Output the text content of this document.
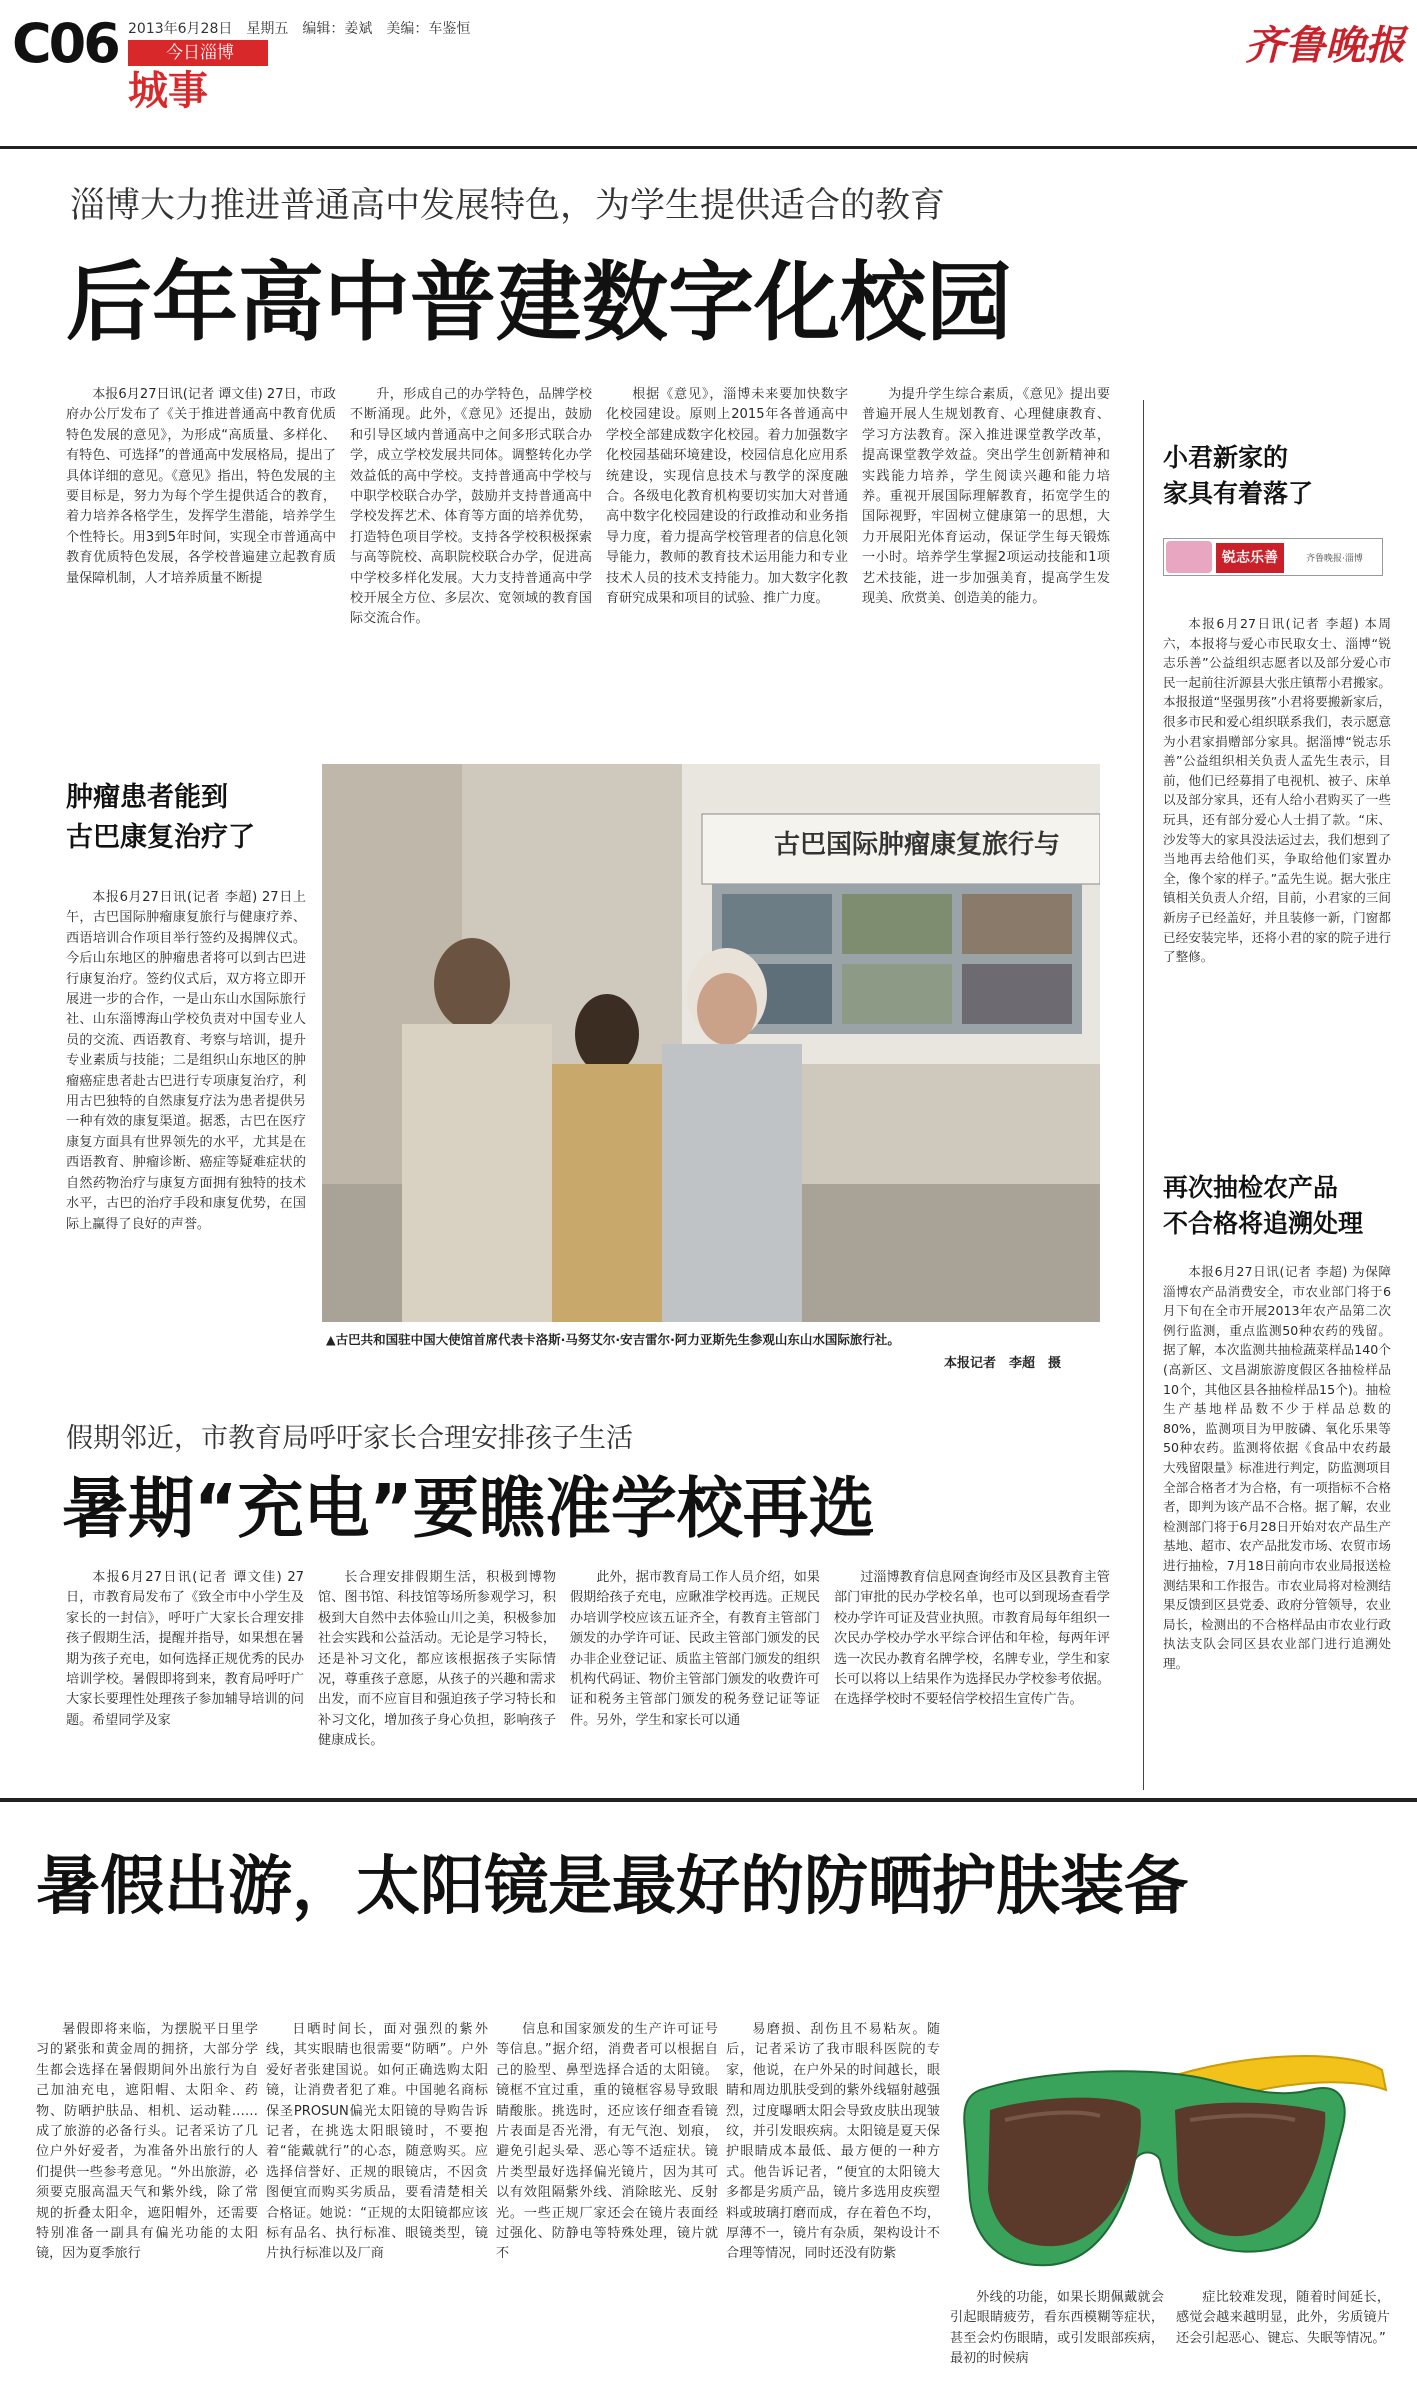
C06 2013年6月28日　星期五　编辑：姜斌　美编：车鉴恒
今日淄博
城事
齐鲁晚报
淄博大力推进普通高中发展特色，为学生提供适合的教育
后年高中普建数字化校园

本报6月27日讯(记者 谭文佳) 27日，市政府办公厅发布了《关于推进普通高中教育优质特色发展的意见》，为形成“高质量、多样化、有特色、可选择”的普通高中发展格局，提出了具体详细的意见。《意见》指出，特色发展的主要目标是，努力为每个学生提供适合的教育，着力培养各格学生，发挥学生潜能，培养学生个性特长。用3到5年时间，实现全市普通高中教育优质特色发展，各学校普遍建立起教育质量保障机制，人才培养质量不断提

升，形成自己的办学特色，品牌学校不断涌现。此外，《意见》还提出，鼓励和引导区域内普通高中之间多形式联合办学，成立学校发展共同体。调整转化办学效益低的高中学校。支持普通高中学校与中职学校联合办学，鼓励并支持普通高中学校发挥艺术、体育等方面的培养优势，打造特色项目学校。支持各学校积极探索与高等院校、高职院校联合办学，促进高中学校多样化发展。大力支持普通高中学校开展全方位、多层次、宽领域的教育国际交流合作。

根据《意见》，淄博未来要加快数字化校园建设。原则上2015年各普通高中学校全部建成数字化校园。着力加强数字化校园基础环境建设，校园信息化应用系统建设，实现信息技术与教学的深度融合。各级电化教育机构要切实加大对普通高中数字化校园建设的行政推动和业务指导力度，着力提高学校管理者的信息化领导能力，教师的教育技术运用能力和专业技术人员的技术支持能力。加大数字化教育研究成果和项目的试验、推广力度。

为提升学生综合素质，《意见》提出要普遍开展人生规划教育、心理健康教育、学习方法教育。深入推进课堂教学改革，提高课堂教学效益。突出学生创新精神和实践能力培养，学生阅读兴趣和能力培养。重视开展国际理解教育，拓宽学生的国际视野，牢固树立健康第一的思想，大力开展阳光体育运动，保证学生每天锻炼一小时。培养学生掌握2项运动技能和1项艺术技能，进一步加强美育，提高学生发现美、欣赏美、创造美的能力。

小君新家的
家具有着落了
锐志乐善	齐鲁晚报·淄博

本报6月27日讯(记者 李超) 本周六，本报将与爱心市民取女士、淄博“锐志乐善”公益组织志愿者以及部分爱心市民一起前往沂源县大张庄镇帮小君搬家。本报报道“坚强男孩”小君将要搬新家后，很多市民和爱心组织联系我们，表示愿意为小君家捐赠部分家具。据淄博“锐志乐善”公益组织相关负责人孟先生表示，目前，他们已经募捐了电视机、被子、床单以及部分家具，还有人给小君购买了一些玩具，还有部分爱心人士捐了款。“床、沙发等大的家具没法运过去，我们想到了当地再去给他们买，争取给他们家置办全，像个家的样子。”孟先生说。据大张庄镇相关负责人介绍，目前，小君家的三间新房子已经盖好，并且装修一新，门窗都已经安装完毕，还将小君的家的院子进行了整修。

再次抽检农产品
不合格将追溯处理

本报6月27日讯(记者 李超) 为保障淄博农产品消费安全，市农业部门将于6月下旬在全市开展2013年农产品第二次例行监测，重点监测50种农药的残留。据了解，本次监测共抽检蔬菜样品140个(高新区、文昌湖旅游度假区各抽检样品10个，其他区县各抽检样品15个)。抽检生产基地样品数不少于样品总数的80%，监测项目为甲胺磷、氧化乐果等50种农药。监测将依据《食品中农药最大残留限量》标准进行判定，防监测项目全部合格者才为合格，有一项指标不合格者，即判为该产品不合格。据了解，农业检测部门将于6月28日开始对农产品生产基地、超市、农产品批发市场、农贸市场进行抽检，7月18日前向市农业局报送检测结果和工作报告。市农业局将对检测结果反馈到区县党委、政府分管领导，农业局长，检测出的不合格样品由市农业行政执法支队会同区县农业部门进行追溯处理。

肿瘤患者能到
古巴康复治疗了

本报6月27日讯(记者 李超) 27日上午，古巴国际肿瘤康复旅行与健康疗养、西语培训合作项目举行签约及揭牌仪式。今后山东地区的肿瘤患者将可以到古巴进行康复治疗。签约仪式后，双方将立即开展进一步的合作，一是山东山水国际旅行社、山东淄博海山学校负责对中国专业人员的交流、西语教育、考察与培训，提升专业素质与技能；二是组织山东地区的肿瘤癌症患者赴古巴进行专项康复治疗，利用古巴独特的自然康复疗法为患者提供另一种有效的康复渠道。据悉，古巴在医疗康复方面具有世界领先的水平，尤其是在西语教育、肿瘤诊断、癌症等疑难症状的自然药物治疗与康复方面拥有独特的技术水平，古巴的治疗手段和康复优势，在国际上赢得了良好的声誉。

古巴国际肿瘤康复旅行与
▲古巴共和国驻中国大使馆首席代表卡洛斯·马努艾尔·安吉雷尔·阿力亚斯先生参观山东山水国际旅行社。
本报记者　李超　摄
假期邻近，市教育局呼吁家长合理安排孩子生活
暑期“充电”要瞧准学校再选

本报6月27日讯(记者 谭文佳) 27日，市教育局发布了《致全市中小学生及家长的一封信》，呼吁广大家长合理安排孩子假期生活，提醒并指导，如果想在暑期为孩子充电，如何选择正规优秀的民办培训学校。暑假即将到来，教育局呼吁广大家长要理性处理孩子参加辅导培训的问题。希望同学及家

长合理安排假期生活，积极到博物馆、图书馆、科技馆等场所参观学习，积极到大自然中去体验山川之美，积极参加社会实践和公益活动。无论是学习特长，还是补习文化，都应该根据孩子实际情况，尊重孩子意愿，从孩子的兴趣和需求出发，而不应盲目和强迫孩子学习特长和补习文化，增加孩子身心负担，影响孩子健康成长。

此外，据市教育局工作人员介绍，如果假期给孩子充电，应瞅准学校再选。正规民办培训学校应该五证齐全，有教育主管部门颁发的办学许可证、民政主管部门颁发的民办非企业登记证、质监主管部门颁发的组织机构代码证、物价主管部门颁发的收费许可证和税务主管部门颁发的税务登记证等证件。另外，学生和家长可以通

过淄博教育信息网查询经市及区县教育主管部门审批的民办学校名单，也可以到现场查看学校办学许可证及营业执照。市教育局每年组织一次民办学校办学水平综合评估和年检，每两年评选一次民办教育名牌学校，名牌专业，学生和家长可以将以上结果作为选择民办学校参考依据。在选择学校时不要轻信学校招生宣传广告。

暑假出游，太阳镜是最好的防晒护肤装备

暑假即将来临，为摆脱平日里学习的紧张和黄金周的拥挤，大部分学生都会选择在暑假期间外出旅行为自己加油充电，遮阳帽、太阳伞、药物、防晒护肤品、相机、运动鞋……成了旅游的必备行头。记者采访了几位户外好爱者，为准备外出旅行的人们提供一些参考意见。“外出旅游，必须要克服高温天气和紫外线，除了常规的折叠太阳伞，遮阳帽外，还需要特别准备一副具有偏光功能的太阳镜，因为夏季旅行

日晒时间长，面对强烈的紫外线，其实眼睛也很需要“防晒”。户外爱好者张建国说。如何正确选购太阳镜，让消费者犯了难。中国驰名商标保圣PROSUN偏光太阳镜的导购告诉记者，在挑选太阳眼镜时，不要抱着“能戴就行”的心态，随意购买。应选择信誉好、正规的眼镜店，不因贪图便宜而购买劣质品，要看清楚相关合格证。她说：“正规的太阳镜都应该标有品名、执行标准、眼镜类型，镜片执行标准以及厂商

信息和国家颁发的生产许可证号等信息。”据介绍，消费者可以根据自己的脸型、鼻型选择合适的太阳镜。镜框不宜过重，重的镜框容易导致眼睛酸胀。挑选时，还应该仔细查看镜片表面是否光滑，有无气泡、划痕，避免引起头晕、恶心等不适症状。镜片类型最好选择偏光镜片，因为其可以有效阻隔紫外线、消除眩光、反射光。一些正规厂家还会在镜片表面经过强化、防静电等特殊处理，镜片就不

易磨损、刮伤且不易粘灰。随后，记者采访了我市眼科医院的专家，他说，在户外呆的时间越长，眼睛和周边肌肤受到的紫外线辐射越强烈，过度曝晒太阳会导致皮肤出现皱纹，并引发眼疾病。太阳镜是夏天保护眼睛成本最低、最方便的一种方式。他告诉记者，“便宜的太阳镜大多都是劣质产品，镜片多选用皮疾塑料或玻璃打磨而成，存在着色不均，厚薄不一，镜片有杂质，架构设计不合理等情况，同时还没有防紫

外线的功能，如果长期佩戴就会引起眼睛疲劳，看东西模糊等症状，甚至会灼伤眼睛，或引发眼部疾病，最初的时候病

症比较难发现，随着时间延长，感觉会越来越明显，此外，劣质镜片还会引起恶心、键忘、失眠等情况。”
